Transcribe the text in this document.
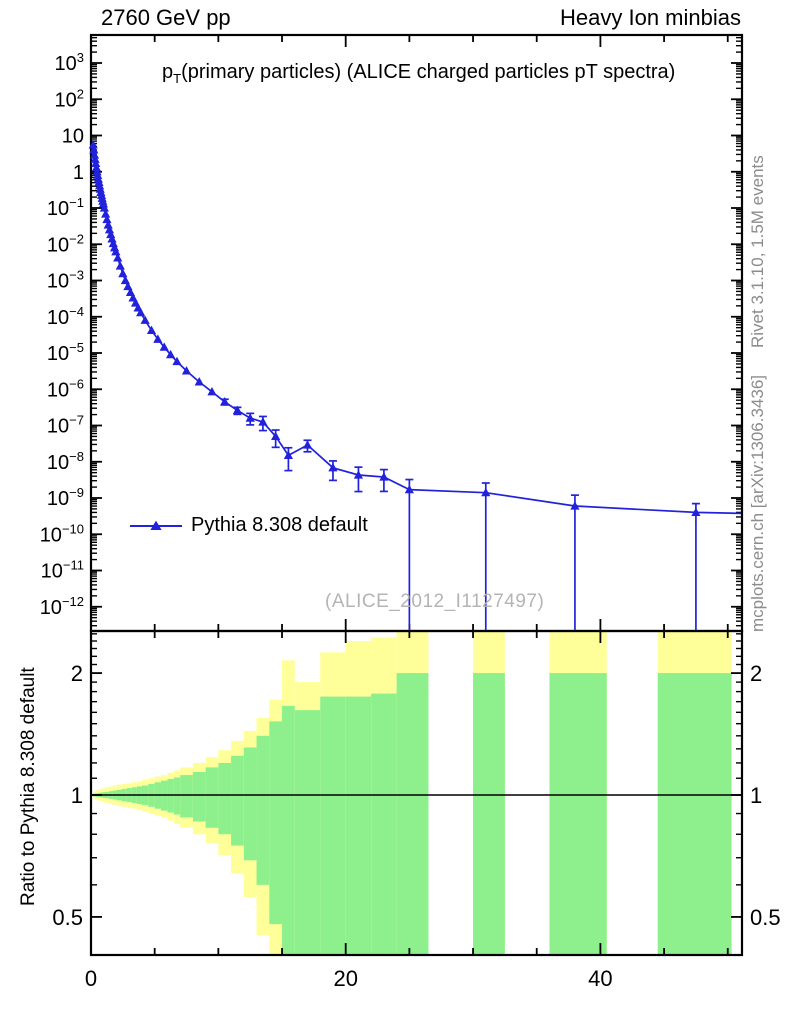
0	20	40
$10^3$
$10^2$
10
1
$10^{-1}$
$10^{-2}$
$10^{-3}$
$10^{-4}$
$10^{-5}$
$10^{-6}$
$10^{-7}$
$10^{-8}$
$10^{-9}$
$10^{-10}$
$10^{-11}$
$10^{-12}$
0.5	0.5
1	1
2	2
2760 GeV pp	Heavy Ion minbias
$p_T(primary$ particles) (ALICE charged particles pT spectra)
Pythia 8.308 default
(ALICE_2012_I1127497)
Rivet 3.1.10, 1.5M events
mcplots.cern.ch [arXiv:1306.3436]
Ratio to Pythia 8.308 default
